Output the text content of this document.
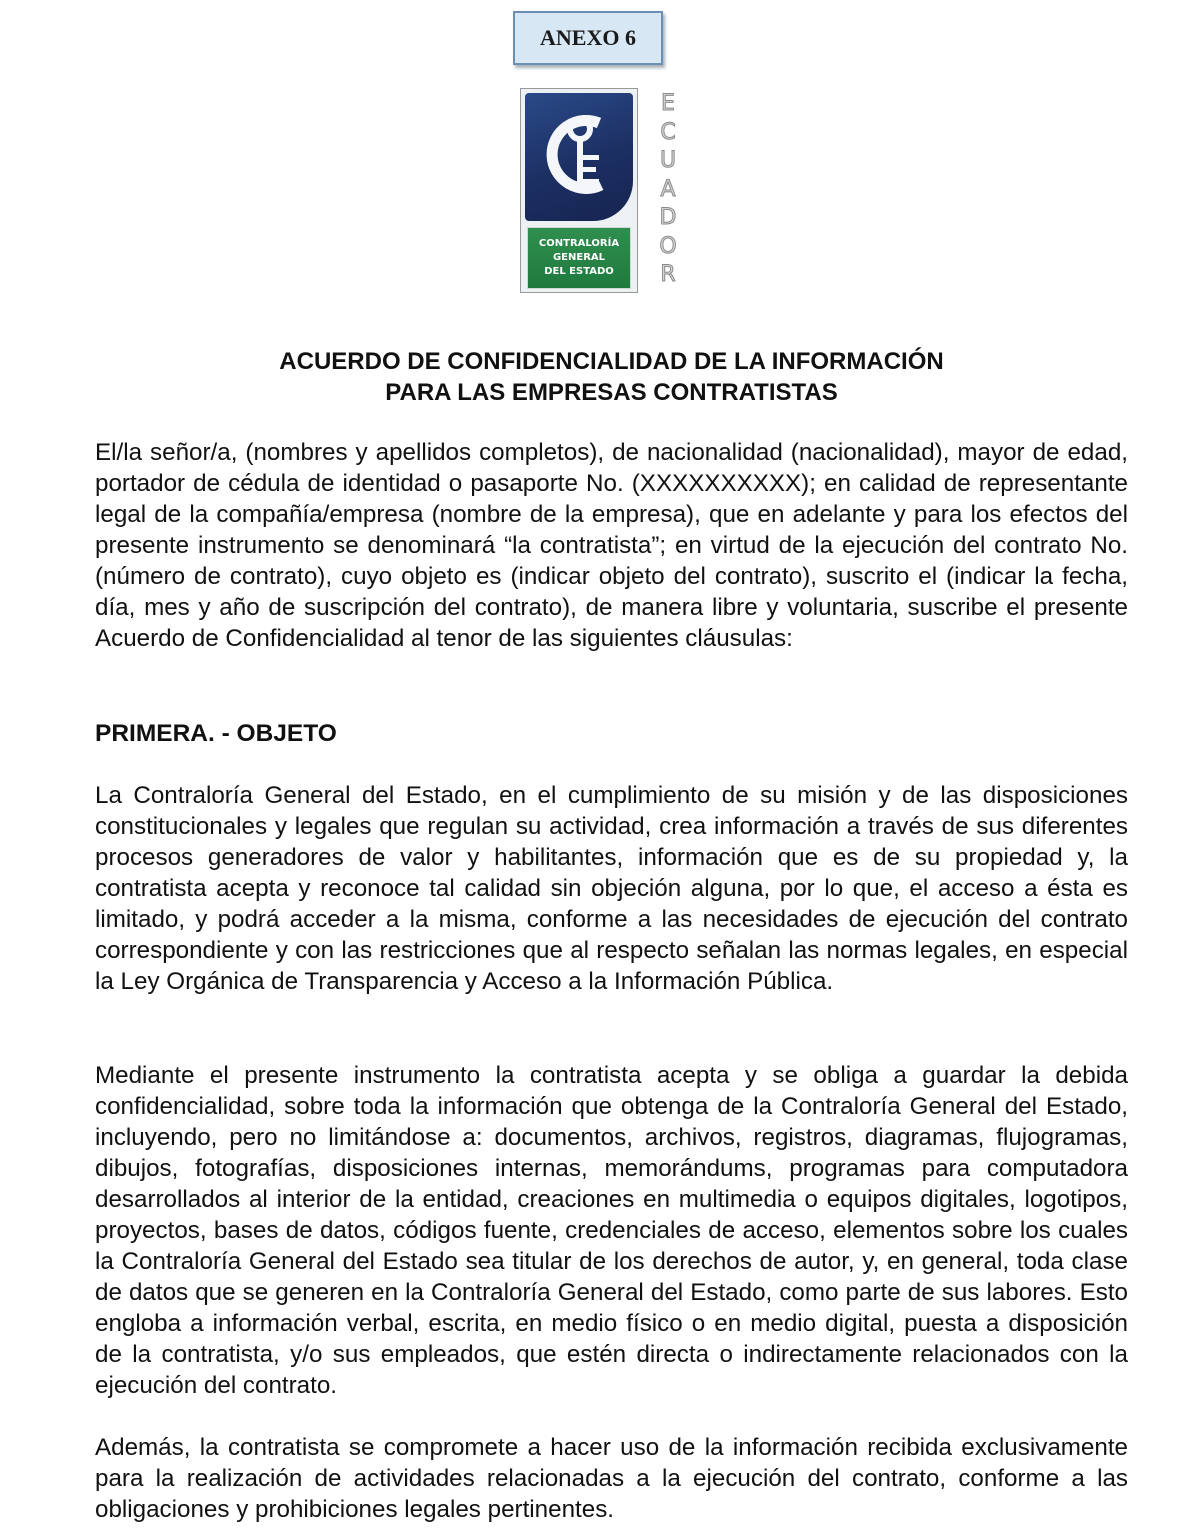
ANEXO 6
CONTRALORÍA
GENERAL
DEL ESTADO
E
C
U
A
D
O
R
ACUERDO DE CONFIDENCIALIDAD DE LA INFORMACIÓN
PARA LAS EMPRESAS CONTRATISTAS

El/la señor/a, (nombres y apellidos completos), de nacionalidad (nacionalidad), mayor de edad, portador de cédula de identidad o pasaporte No. (XXXXXXXXXX); en calidad de representante legal de la compañía/empresa (nombre de la empresa), que en adelante y para los efectos del presente instrumento se denominará “la contratista”; en virtud de la ejecución del contrato No. (número de contrato), cuyo objeto es (indicar objeto del contrato), suscrito el (indicar la fecha, día, mes y año de suscripción del contrato), de manera libre y voluntaria, suscribe el presente Acuerdo de Confidencialidad al tenor de las siguientes cláusulas:

PRIMERA. - OBJETO

La Contraloría General del Estado, en el cumplimiento de su misión y de las disposiciones constitucionales y legales que regulan su actividad, crea información a través de sus diferentes procesos generadores de valor y habilitantes, información que es de su propiedad y, la contratista acepta y reconoce tal calidad sin objeción alguna, por lo que, el acceso a ésta es limitado, y podrá acceder a la misma, conforme a las necesidades de ejecución del contrato correspondiente y con las restricciones que al respecto señalan las normas legales, en especial la Ley Orgánica de Transparencia y Acceso a la Información Pública.

Mediante el presente instrumento la contratista acepta y se obliga a guardar la debida confidencialidad, sobre toda la información que obtenga de la Contraloría General del Estado, incluyendo, pero no limitándose a: documentos, archivos, registros, diagramas, flujogramas, dibujos, fotografías, disposiciones internas, memorándums, programas para computadora desarrollados al interior de la entidad, creaciones en multimedia o equipos digitales, logotipos, proyectos, bases de datos, códigos fuente, credenciales de acceso, elementos sobre los cuales la Contraloría General del Estado sea titular de los derechos de autor, y, en general, toda clase de datos que se generen en la Contraloría General del Estado, como parte de sus labores. Esto engloba a información verbal, escrita, en medio físico o en medio digital, puesta a disposición de la contratista, y/o sus empleados, que estén directa o indirectamente relacionados con la ejecución del contrato.

Además, la contratista se compromete a hacer uso de la información recibida exclusivamente para la realización de actividades relacionadas a la ejecución del contrato, conforme a las obligaciones y prohibiciones legales pertinentes.
